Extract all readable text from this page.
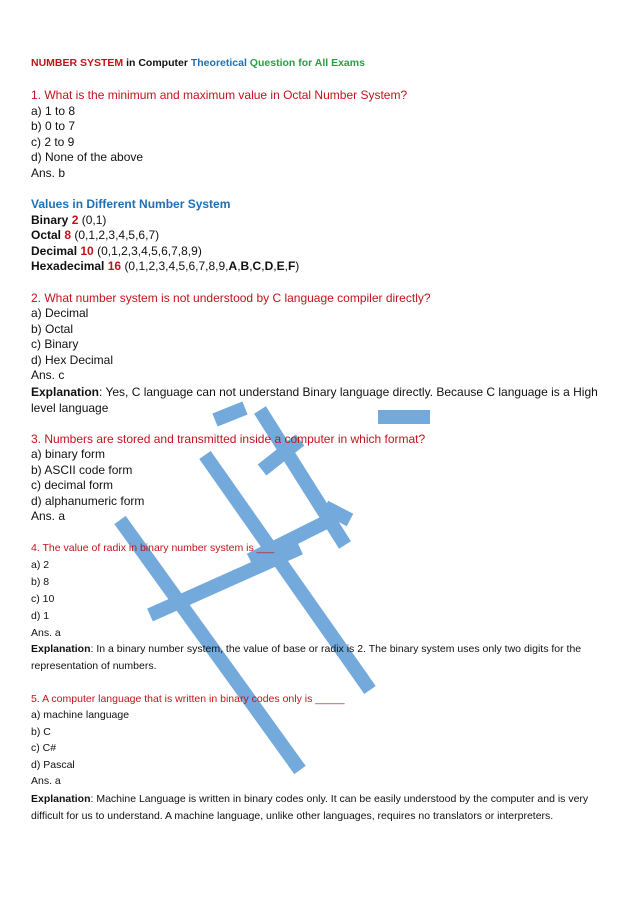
NUMBER SYSTEM in Computer Theoretical Question for All Exams
1. What is the minimum and maximum value in Octal Number System?
a) 1 to 8
b) 0 to 7
c) 2 to 9
d) None of the above
Ans. b
Values in Different Number System
Binary 2 (0,1)
Octal 8 (0,1,2,3,4,5,6,7)
Decimal 10 (0,1,2,3,4,5,6,7,8,9)
Hexadecimal 16 (0,1,2,3,4,5,6,7,8,9,A,B,C,D,E,F)
2. What number system is not understood by C language compiler directly?
a) Decimal
b) Octal
c) Binary
d) Hex Decimal
Ans. c
Explanation: Yes, C language can not understand Binary language directly. Because C language is a High level language
3. Numbers are stored and transmitted inside a computer in which format?
a) binary form
b) ASCII code form
c) decimal form
d) alphanumeric form
Ans. a
4. The value of radix in binary number system is ___
a) 2
b) 8
c) 10
d) 1
Ans. a
Explanation: In a binary number system, the value of base or radix is 2. The binary system uses only two digits for the representation of numbers.
5. A computer language that is written in binary codes only is _____
a) machine language
b) C
c) C#
d) Pascal
Ans. a
Explanation: Machine Language is written in binary codes only. It can be easily understood by the computer and is very difficult for us to understand. A machine language, unlike other languages, requires no translators or interpreters.
